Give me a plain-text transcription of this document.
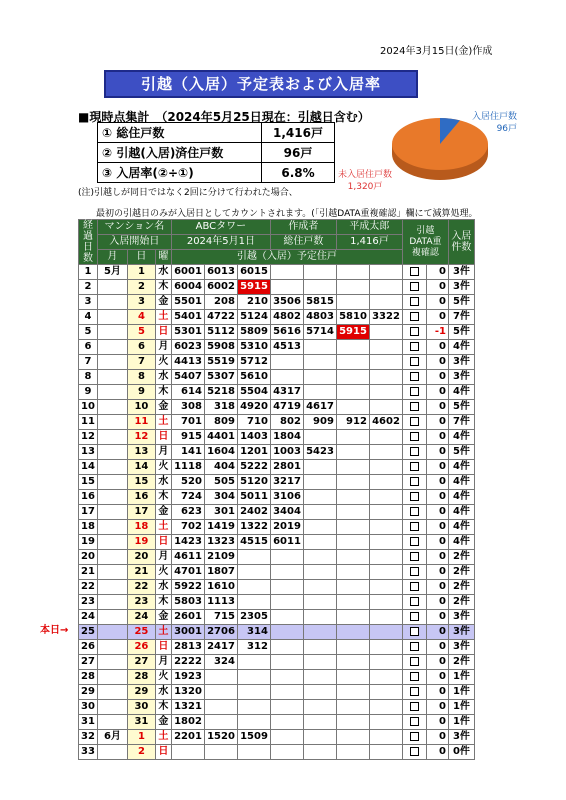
2024年3月15日(金)作成
引越（入居）予定表および入居率
■現時点集計　（2024年5月25日現在：引越日含む）
① 総住戸数	1,416戸
② 引越(入居)済住戸数	96戸
③ 入居率(②÷①)	6.8%
入居住戸数
96戸
未入居住戸数
1,320戸
(注)引越しが同日ではなく2回に分けて行われた場合、
最初の引越日のみが入居日としてカウントされます。(「引越DATA重複確認」欄にて減算処理。
経過日数	マンション名			ABCタワー			作成者		平成太郎		引越DATA重複確認		入居件数
	入居開始日			2024年5月1日			総住戸数		1,416戸				
	月	日	曜	引越（入居）予定住戸									
1	5月	1	水	6001	6013	6015						0	3件
2		2	木	6004	6002	5915						0	3件
3		3	金	5501	208	210	3506	5815				0	5件
4		4	土	5401	4722	5124	4802	4803	5810	3322		0	7件
5		5	日	5301	5112	5809	5616	5714	5915			-1	5件
6		6	月	6023	5908	5310	4513					0	4件
7		7	火	4413	5519	5712						0	3件
8		8	水	5407	5307	5610						0	3件
9		9	木	614	5218	5504	4317					0	4件
10		10	金	308	318	4920	4719	4617				0	5件
11		11	土	701	809	710	802	909	912	4602		0	7件
12		12	日	915	4401	1403	1804					0	4件
13		13	月	141	1604	1201	1003	5423				0	5件
14		14	火	1118	404	5222	2801					0	4件
15		15	水	520	505	5120	3217					0	4件
16		16	木	724	304	5011	3106					0	4件
17		17	金	623	301	2402	3404					0	4件
18		18	土	702	1419	1322	2019					0	4件
19		19	日	1423	1323	4515	6011					0	4件
20		20	月	4611	2109							0	2件
21		21	火	4701	1807							0	2件
22		22	水	5922	1610							0	2件
23		23	木	5803	1113							0	2件
24		24	金	2601	715	2305						0	3件
25		25	土	3001	2706	314						0	3件
26		26	日	2813	2417	312						0	3件
27		27	月	2222	324							0	2件
28		28	火	1923								0	1件
29		29	水	1320								0	1件
30		30	木	1321								0	1件
31		31	金	1802								0	1件
32	6月	1	土	2201	1520	1509						0	3件
33		2	日									0	0件
本日→
